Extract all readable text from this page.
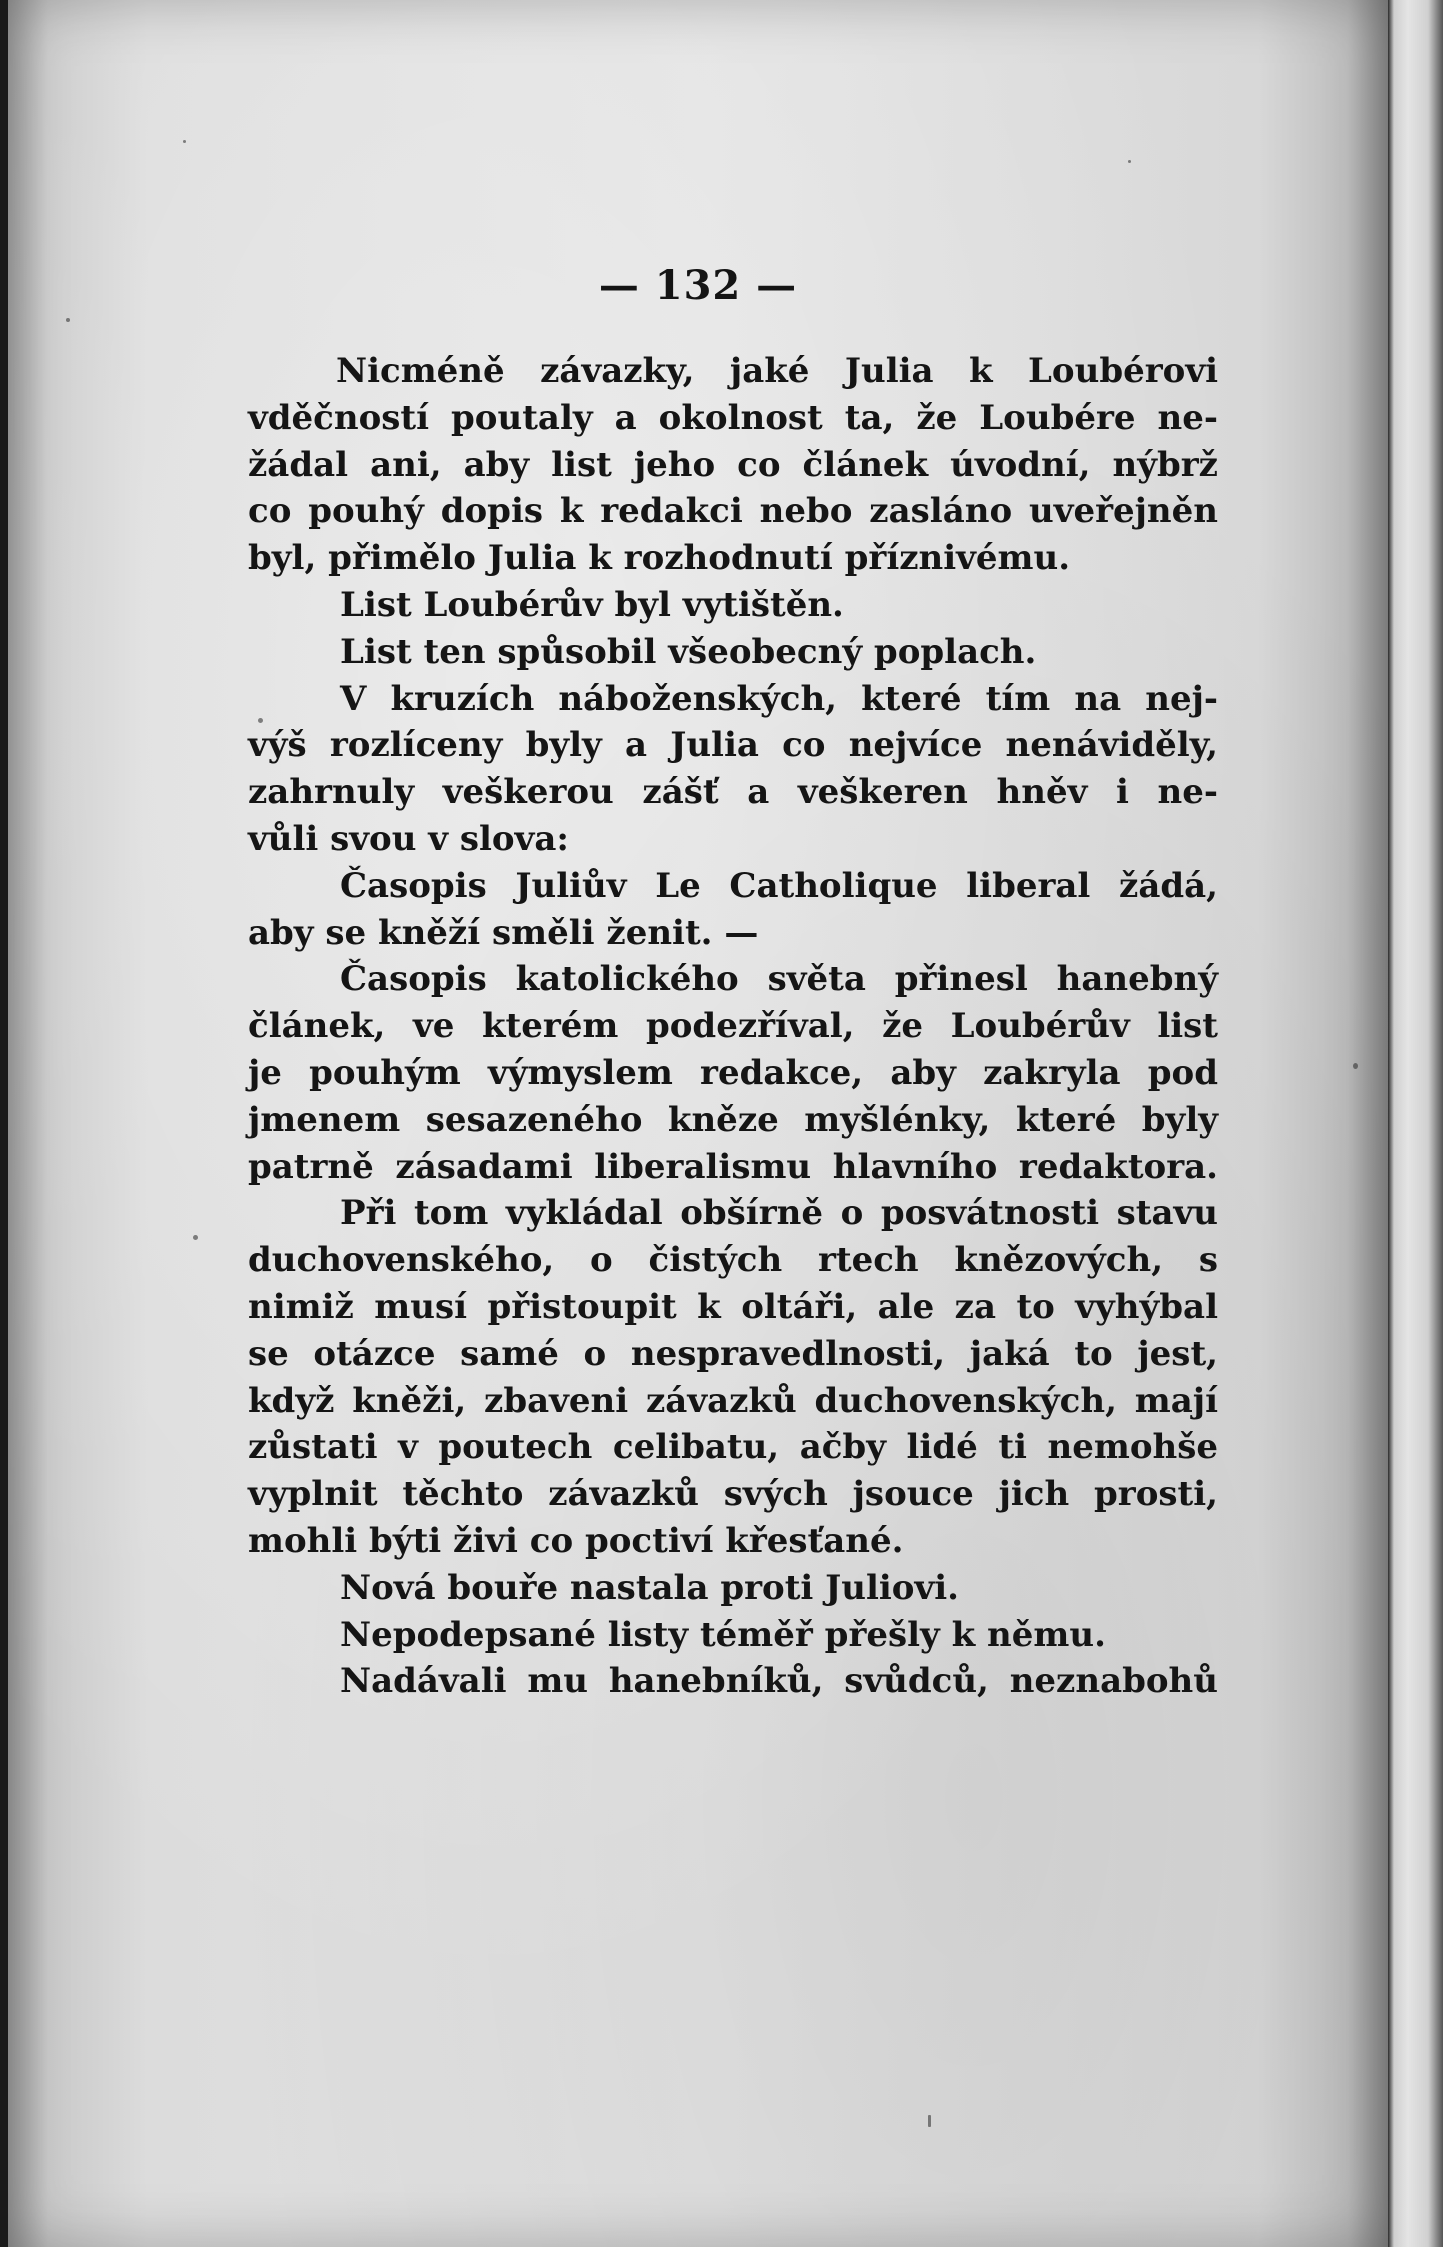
— 132 —
Nicméně závazky, jaké Julia k Loubérovi
vděčností poutaly a okolnost ta, že Loubére ne-
žádal ani, aby list jeho co článek úvodní, nýbrž
co pouhý dopis k redakci nebo zasláno uveřejněn
byl, přimělo Julia k rozhodnutí příznivému.
List Loubérův byl vytištěn.
List ten spůsobil všeobecný poplach.
V kruzích náboženských, které tím na nej-
výš rozlíceny byly a Julia co nejvíce nenáviděly,
zahrnuly veškerou zášť a veškeren hněv i ne-
vůli svou v slova:
Časopis Juliův Le Catholique liberal žádá,
aby se kněží směli ženit. —
Časopis katolického světa přinesl hanebný
článek, ve kterém podezříval, že Loubérův list
je pouhým výmyslem redakce, aby zakryla pod
jmenem sesazeného kněze myšlénky, které byly
patrně zásadami liberalismu hlavního redaktora.
Při tom vykládal obšírně o posvátnosti stavu
duchovenského, o čistých rtech knězových, s
nimiž musí přistoupit k oltáři, ale za to vyhýbal
se otázce samé o nespravedlnosti, jaká to jest,
když kněži, zbaveni závazků duchovenských, mají
zůstati v poutech celibatu, ačby lidé ti nemohše
vyplnit těchto závazků svých jsouce jich prosti,
mohli býti živi co poctiví křesťané.
Nová bouře nastala proti Juliovi.
Nepodepsané listy téměř přešly k němu.
Nadávali mu hanebníků, svůdců, neznabohů
